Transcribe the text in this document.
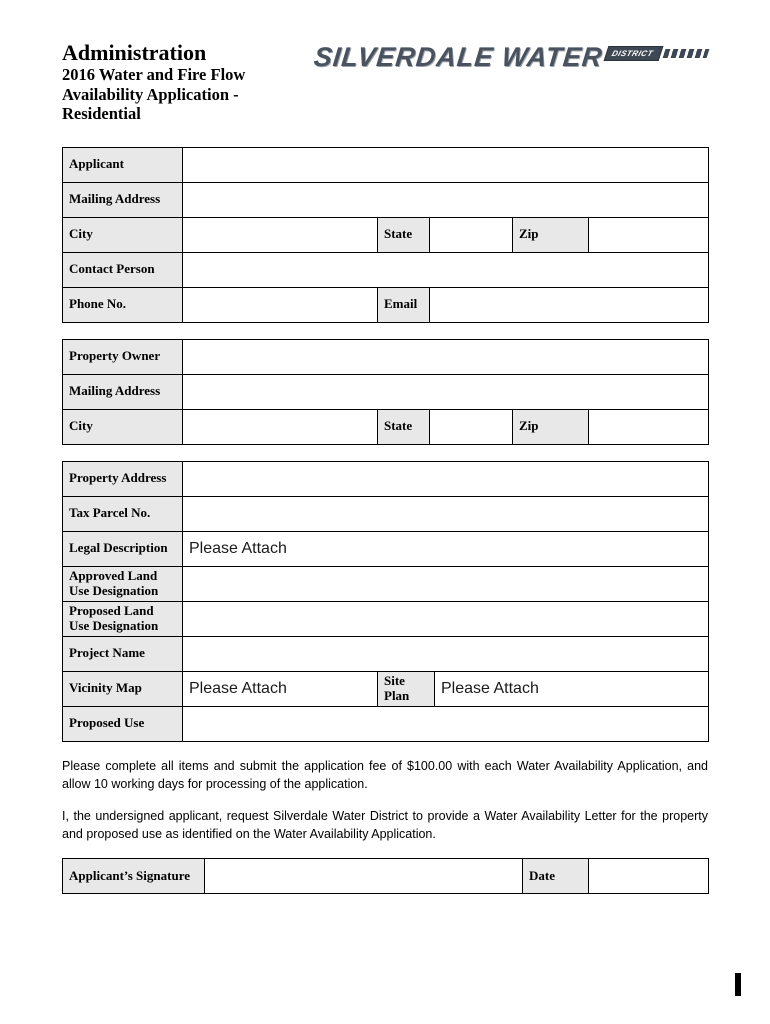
Administration
2016 Water and Fire Flow
Availability Application -
Residential
SILVERDALE WATER DISTRICT
Applicant					
Mailing Address					
City		State		Zip	
Contact Person					
Phone No.		Email			
Property Owner					
Mailing Address					
City		State		Zip	
Property Address			
Tax Parcel No.			
Legal Description	Please Attach		
Approved Land Use Designation			
Proposed Land Use Designation			
Project Name			
Vicinity Map	Please Attach	Site Plan	Please Attach
Proposed Use			

Please complete all items and submit the application fee of $100.00 with each Water Availability Application, and allow 10 working days for processing of the application.

I, the undersigned applicant, request Silverdale Water District to provide a Water Availability Letter for the property and proposed use as identified on the Water Availability Application.

Applicant’s Signature		Date	
